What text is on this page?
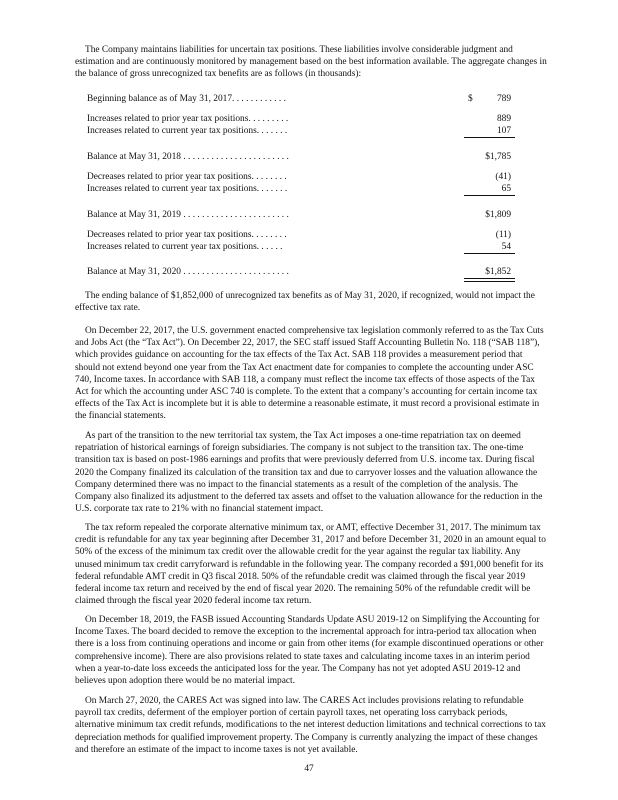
The Company maintains liabilities for uncertain tax positions. These liabilities involve considerable judgment and estimation and are continuously monitored by management based on the best information available. The aggregate changes in the balance of gross unrecognized tax benefits are as follows (in thousands):

Beginning balance as of May 31, 2017. . . . . . . . . . . .	$	789
Increases related to prior year tax positions. . . . . . . . .	889
Increases related to current year tax positions. . . . . . .	107
Balance at May 31, 2018 . . . . . . . . . . . . . . . . . . . . . . .	$1,785
Decreases related to prior year tax positions. . . . . . . .	(41)
Increases related to current year tax positions. . . . . . .	65
Balance at May 31, 2019 . . . . . . . . . . . . . . . . . . . . . . .	$1,809
Decreases related to prior year tax positions. . . . . . . .	(11)
Increases related to current year tax positions. . . . . .	54
Balance at May 31, 2020 . . . . . . . . . . . . . . . . . . . . . . .	$1,852

The ending balance of $1,852,000 of unrecognized tax benefits as of May 31, 2020, if recognized, would not impact the effective tax rate.

On December 22, 2017, the U.S. government enacted comprehensive tax legislation commonly referred to as the Tax Cuts and Jobs Act (the “Tax Act”). On December 22, 2017, the SEC staff issued Staff Accounting Bulletin No. 118 (“SAB 118”), which provides guidance on accounting for the tax effects of the Tax Act. SAB 118 provides a measurement period that should not extend beyond one year from the Tax Act enactment date for companies to complete the accounting under ASC 740, Income taxes. In accordance with SAB 118, a company must reflect the income tax effects of those aspects of the Tax Act for which the accounting under ASC 740 is complete. To the extent that a company’s accounting for certain income tax effects of the Tax Act is incomplete but it is able to determine a reasonable estimate, it must record a provisional estimate in the financial statements.

As part of the transition to the new territorial tax system, the Tax Act imposes a one-time repatriation tax on deemed repatriation of historical earnings of foreign subsidiaries. The company is not subject to the transition tax. The one-time transition tax is based on post-1986 earnings and profits that were previously deferred from U.S. income tax. During fiscal 2020 the Company finalized its calculation of the transition tax and due to carryover losses and the valuation allowance the Company determined there was no impact to the financial statements as a result of the completion of the analysis. The Company also finalized its adjustment to the deferred tax assets and offset to the valuation allowance for the reduction in the U.S. corporate tax rate to 21% with no financial statement impact.

The tax reform repealed the corporate alternative minimum tax, or AMT, effective December 31, 2017. The minimum tax credit is refundable for any tax year beginning after December 31, 2017 and before December 31, 2020 in an amount equal to 50% of the excess of the minimum tax credit over the allowable credit for the year against the regular tax liability. Any unused minimum tax credit carryforward is refundable in the following year. The company recorded a $91,000 benefit for its federal refundable AMT credit in Q3 fiscal 2018. 50% of the refundable credit was claimed through the fiscal year 2019 federal income tax return and received by the end of fiscal year 2020. The remaining 50% of the refundable credit will be claimed through the fiscal year 2020 federal income tax return.

On December 18, 2019, the FASB issued Accounting Standards Update ASU 2019-12 on Simplifying the Accounting for Income Taxes. The board decided to remove the exception to the incremental approach for intra-period tax allocation when there is a loss from continuing operations and income or gain from other items (for example discontinued operations or other comprehensive income). There are also provisions related to state taxes and calculating income taxes in an interim period when a year-to-date loss exceeds the anticipated loss for the year. The Company has not yet adopted ASU 2019-12 and believes upon adoption there would be no material impact.

On March 27, 2020, the CARES Act was signed into law. The CARES Act includes provisions relating to refundable payroll tax credits, deferment of the employer portion of certain payroll taxes, net operating loss carryback periods, alternative minimum tax credit refunds, modifications to the net interest deduction limitations and technical corrections to tax depreciation methods for qualified improvement property. The Company is currently analyzing the impact of these changes and therefore an estimate of the impact to income taxes is not yet available.

47
